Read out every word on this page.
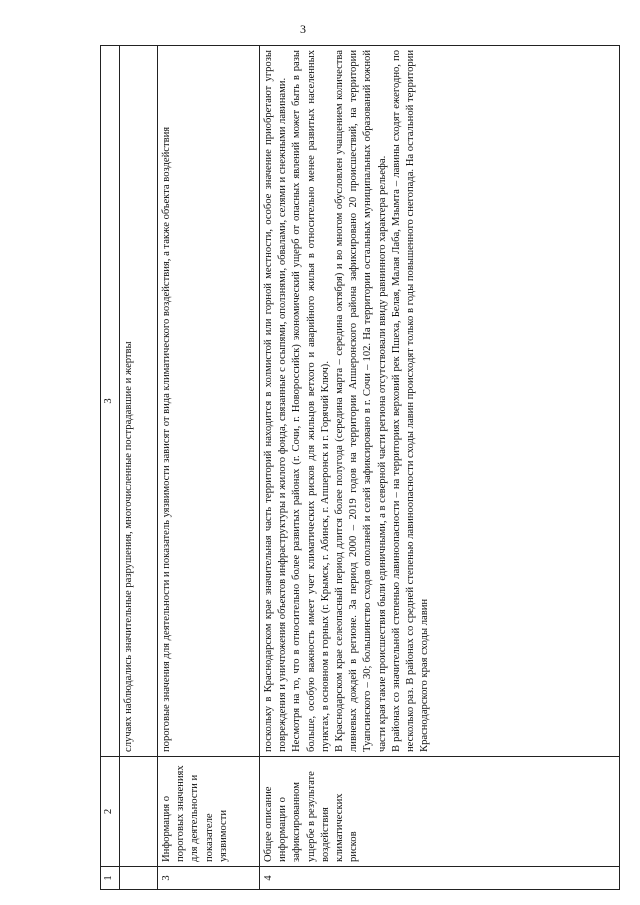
3
1	2	3

		случаях наблюдались значительные разрушения, многочисленные пострадавшие и жертвы

3	Информация о пороговых значениях для деятельности и показателе уязвимости	пороговые значения для деятельности и показатель уязвимости зависят от вида климатического воздействия, а также объекта воздействия

4	Общее описание информации о зафиксированном ущербе в результате воздействия климатических рисков	поскольку в Краснодарском крае значительная часть территорий находится в холмистой или горной местности, особое значение приобретают угрозы повреждения и уничтожения объектов инфраструктуры и жилого фонда, связанные с осыпями, оползнями, обвалами, селями и снежными лавинами. Несмотря на то, что в относительно более развитых районах (г. Сочи, г. Новороссийск) экономический ущерб от опасных явлений может быть в разы больше, особую важность имеет учет климатических рисков для жильцов ветхого и аварийного жилья в относительно менее развитых населенных пунктах, в основном в горных (г. Крымск, г. Абинск, г. Апшеронск и г. Горячий Ключ). В Краснодарском крае селеопасный период длится более полугода (середина марта – середина октября) и во многом обусловлен учащением количества ливневых дождей в регионе. За период 2000 – 2019 годов на территории Апшеронского района зафиксировано 20 происшествий, на территории Туапсинского – 30; большинство сходов оползней и селей зафиксировано в г. Сочи – 102. На территории остальных муниципальных образований южной части края такие происшествия были единичными, а в северной части региона отсутствовали ввиду равнинного характера рельефа. В районах со значительной степенью лавиноопасности – на территориях верховий рек Пшеха, Белая, Малая Лаба, Мзымта – лавины сходят ежегодно, по несколько раз. В районах со средней степенью лавиноопасности сходы лавин происходят только в годы повышенного снегопада. На остальной территории Краснодарского края сходы лавин
